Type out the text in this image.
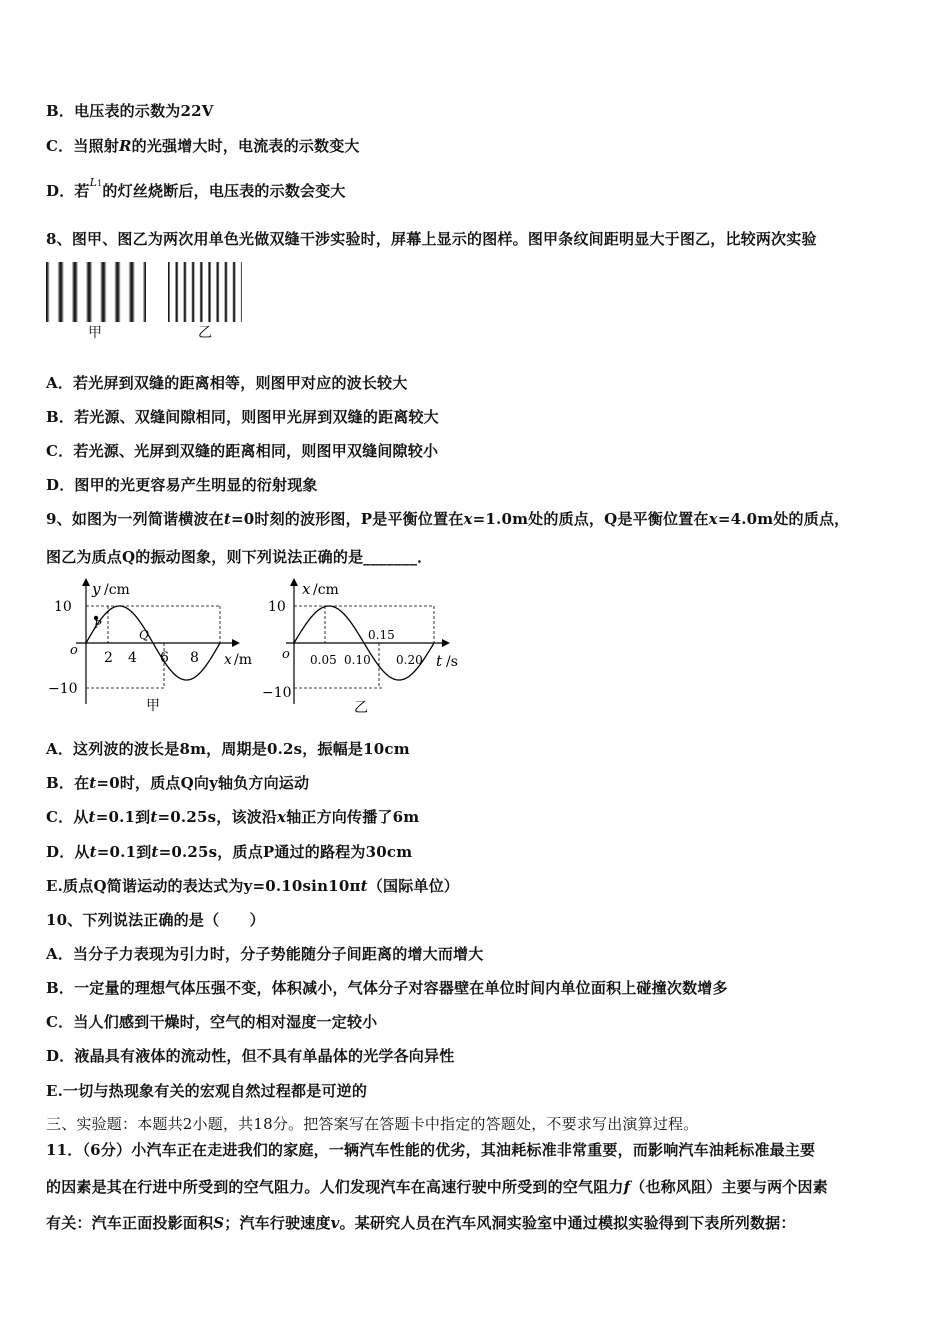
B．电压表的示数为22V
C．当照射R的光强增大时，电流表的示数变大
D．若$^{L1}$的灯丝烧断后，电压表的示数会变大
8、图甲、图乙为两次用单色光做双缝干涉实验时，屏幕上显示的图样。图甲条纹间距明显大于图乙，比较两次实验
甲	乙
A．若光屏到双缝的距离相等，则图甲对应的波长较大
B．若光源、双缝间隙相同，则图甲光屏到双缝的距离较大
C．若光源、光屏到双缝的距离相同，则图甲双缝间隙较小
D．图甲的光更容易产生明显的衍射现象
9、如图为一列简谐横波在t=0时刻的波形图，P是平衡位置在x=1.0m处的质点，Q是平衡位置在x=4.0m处的质点，
图乙为质点Q的振动图象，则下列说法正确的是_______．
y /cm
10
−10
o 2 4 6 8
P
Q
x /m
甲
x /cm
10
−10
o 0.05 0.10
0.15
0.20 t /s
乙
A．这列波的波长是8m，周期是0.2s，振幅是10cm
B．在t=0时，质点Q向y轴负方向运动
C．从t=0.1到t=0.25s，该波沿x轴正方向传播了6m
D．从t=0.1到t=0.25s，质点P通过的路程为30cm
E.质点Q简谐运动的表达式为y=0.10sin10πt（国际单位）
10、下列说法正确的是（　　）
A．当分子力表现为引力时，分子势能随分子间距离的增大而增大
B．一定量的理想气体压强不变，体积减小，气体分子对容器壁在单位时间内单位面积上碰撞次数增多
C．当人们感到干燥时，空气的相对湿度一定较小
D．液晶具有液体的流动性，但不具有单晶体的光学各向异性
E.一切与热现象有关的宏观自然过程都是可逆的
三、实验题：本题共2小题，共18分。把答案写在答题卡中指定的答题处，不要求写出演算过程。
11．（6分）小汽车正在走进我们的家庭，一辆汽车性能的优劣，其油耗标准非常重要，而影响汽车油耗标准最主要
的因素是其在行进中所受到的空气阻力。人们发现汽车在高速行驶中所受到的空气阻力f（也称风阻）主要与两个因素
有关：汽车正面投影面积S；汽车行驶速度v。某研究人员在汽车风洞实验室中通过模拟实验得到下表所列数据：
